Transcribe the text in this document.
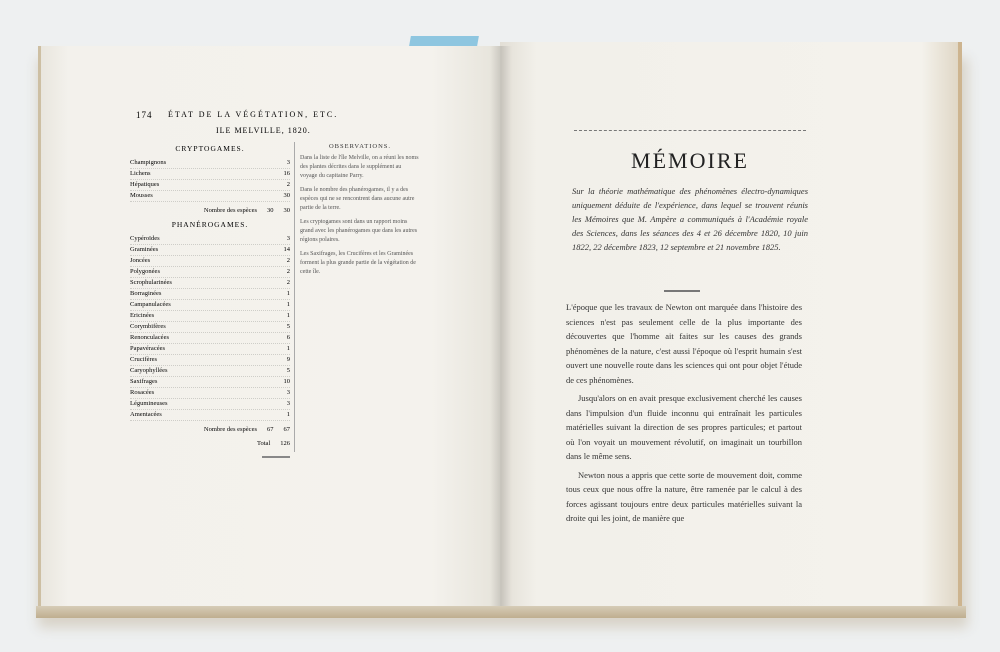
174 ÉTAT DE LA VÉGÉTATION, ETC.
ILE MELVILLE, 1820.
CRYPTOGAMES.
Champignons	3
Lichens	16
Hépatiques	2
Mousses	30
Nombre des espèces 30 30
PHANÉROGAMES.
Cypéroïdes	3
Graminées	14
Joncées	2
Polygonées	2
Scrophularinées	2
Borraginées	1
Campanulacées	1
Ericinées	1
Corymbifères	5
Renonculacées	6
Papavéracées	1
Crucifères	9
Caryophyllées	5
Saxifrages	10
Rosacées	3
Légumineuses	3
Amentacées	1
Nombre des espèces 67 67
Total 126
OBSERVATIONS.
Dans la liste de l'île Melville, on a réuni les noms des plantes décrites dans le supplément au voyage du capitaine Parry.
Dans le nombre des phanérogames, il y a des espèces qui ne se rencontrent dans aucune autre partie de la terre.
Les cryptogames sont dans un rapport moins grand avec les phanérogames que dans les autres régions polaires.
Les Saxifrages, les Crucifères et les Graminées forment la plus grande partie de la végétation de cette île.
MÉMOIRE
Sur la théorie mathématique des phénomènes électro-dynamiques uniquement déduite de l'expérience, dans lequel se trouvent réunis les Mémoires que M. Ampère a communiqués à l'Académie royale des Sciences, dans les séances des 4 et 26 décembre 1820, 10 juin 1822, 22 décembre 1823, 12 septembre et 21 novembre 1825.

L'époque que les travaux de Newton ont marquée dans l'histoire des sciences n'est pas seulement celle de la plus importante des découvertes que l'homme ait faites sur les causes des grands phénomènes de la nature, c'est aussi l'époque où l'esprit humain s'est ouvert une nouvelle route dans les sciences qui ont pour objet l'étude de ces phénomènes.

Jusqu'alors on en avait presque exclusivement cherché les causes dans l'impulsion d'un fluide inconnu qui entraînait les particules matérielles suivant la direction de ses propres particules; et partout où l'on voyait un mouvement révolutif, on imaginait un tourbillon dans le même sens.

Newton nous a appris que cette sorte de mouvement doit, comme tous ceux que nous offre la nature, être ramenée par le calcul à des forces agissant toujours entre deux particules matérielles suivant la droite qui les joint, de manière que
